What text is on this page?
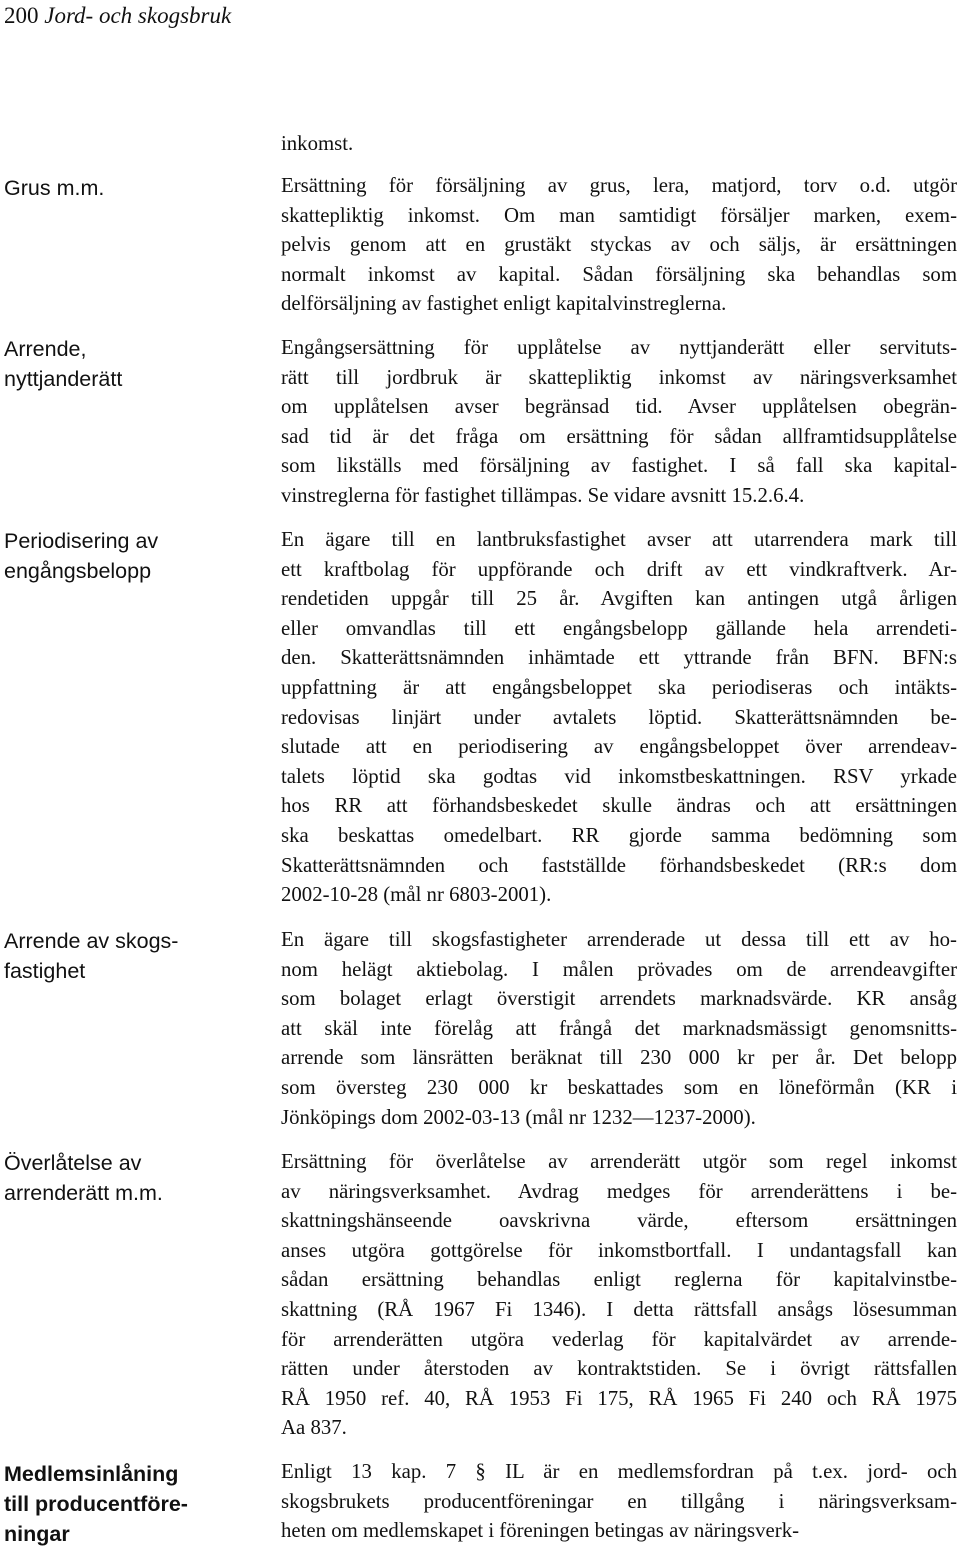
200 Jord- och skogsbruk
Grus m.m.
Arrende,
nyttjanderätt
Periodisering av
engångsbelopp
Arrende av skogs-
fastighet
Överlåtelse av
arrenderätt m.m.
Medlemsinlåning
till producentföre-
ningar
inkomst.
Ersättning för försäljning av grus, lera, matjord, torv o.d. utgör
skattepliktig inkomst. Om man samtidigt försäljer marken, exem-
pelvis genom att en grustäkt styckas av och säljs, är ersättningen
normalt inkomst av kapital. Sådan försäljning ska behandlas som
delförsäljning av fastighet enligt kapitalvinstreglerna.
Engångsersättning för upplåtelse av nyttjanderätt eller servituts-
rätt till jordbruk är skattepliktig inkomst av näringsverksamhet
om upplåtelsen avser begränsad tid. Avser upplåtelsen obegrän-
sad tid är det fråga om ersättning för sådan allframtidsupplåtelse
som likställs med försäljning av fastighet. I så fall ska kapital-
vinstreglerna för fastighet tillämpas. Se vidare avsnitt 15.2.6.4.
En ägare till en lantbruksfastighet avser att utarrendera mark till
ett kraftbolag för uppförande och drift av ett vindkraftverk. Ar-
rendetiden uppgår till 25 år. Avgiften kan antingen utgå årligen
eller omvandlas till ett engångsbelopp gällande hela arrendeti-
den. Skatterättsnämnden inhämtade ett yttrande från BFN. BFN:s
uppfattning är att engångsbeloppet ska periodiseras och intäkts-
redovisas linjärt under avtalets löptid. Skatterättsnämnden be-
slutade att en periodisering av engångsbeloppet över arrendeav-
talets löptid ska godtas vid inkomstbeskattningen. RSV yrkade
hos RR att förhandsbeskedet skulle ändras och att ersättningen
ska beskattas omedelbart. RR gjorde samma bedömning som
Skatterättsnämnden och fastställde förhandsbeskedet (RR:s dom
2002-10-28 (mål nr 6803-2001).
En ägare till skogsfastigheter arrenderade ut dessa till ett av ho-
nom helägt aktiebolag. I målen prövades om de arrendeavgifter
som bolaget erlagt överstigit arrendets marknadsvärde. KR ansåg
att skäl inte förelåg att frångå det marknadsmässigt genomsnitts-
arrende som länsrätten beräknat till 230 000 kr per år. Det belopp
som översteg 230 000 kr beskattades som en löneförmån (KR i
Jönköpings dom 2002-03-13 (mål nr 1232—1237-2000).
Ersättning för överlåtelse av arrenderätt utgör som regel inkomst
av näringsverksamhet. Avdrag medges för arrenderättens i be-
skattningshänseende oavskrivna värde, eftersom ersättningen
anses utgöra gottgörelse för inkomstbortfall. I undantagsfall kan
sådan ersättning behandlas enligt reglerna för kapitalvinstbe-
skattning (RÅ 1967 Fi 1346). I detta rättsfall ansågs lösesumman
för arrenderätten utgöra vederlag för kapitalvärdet av arrende-
rätten under återstoden av kontraktstiden. Se i övrigt rättsfallen
RÅ 1950 ref. 40, RÅ 1953 Fi 175, RÅ 1965 Fi 240 och RÅ 1975
Aa 837.
Enligt 13 kap. 7 § IL är en medlemsfordran på t.ex. jord- och
skogsbrukets producentföreningar en tillgång i näringsverksam-
heten om medlemskapet i föreningen betingas av näringsverk-
